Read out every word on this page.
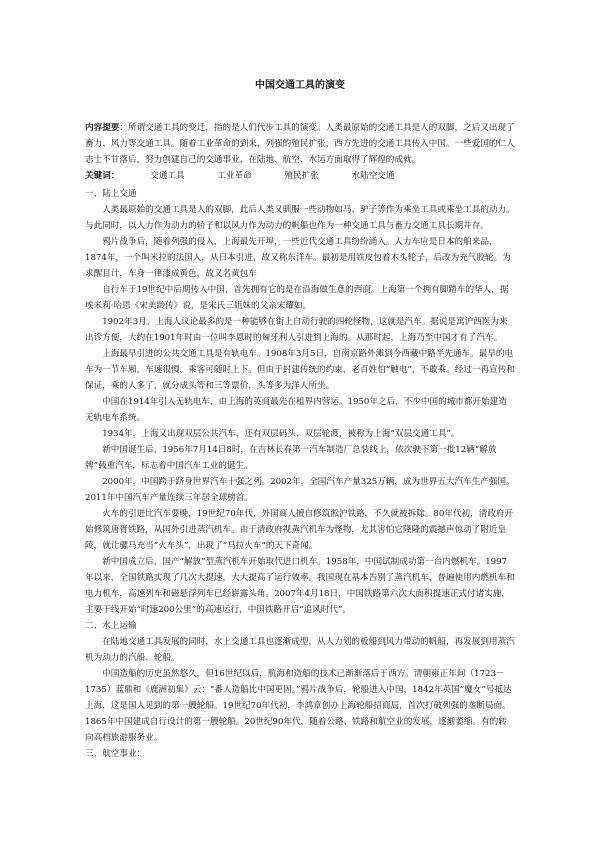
中国交通工具的演变

内容提要：所谓交通工具的变迁，指的是人们代步工具的演变。人类最原始的交通工具是人的双脚，之后又出现了畜力、风力等交通工具。随着工业革命的到来，列强的殖民扩张，西方先进的交通工具传入中国。一些爱国的仁人志士不甘落后，努力创建自己的交通事业，在陆地、航空、水运方面取得了辉煌的成就。

关键词：	交通工具	工业革命	殖民扩张	水陆空交通

一、陆上交通

人类最原始的交通工具是人的双脚，此后人类又驯服一些动物如马、驴子等作为乘坐工具或乘坐工具的动力。与此同时，以人力作为动力的轿子和以风力作为动力的帆船也作为一种交通工具与畜力交通工具长期并存。

鸦片战争后，随着列强的侵入，上海最先开埠，一些近代交通工具纷纷涌入。人力车应是日本的舶来品，1874年，一个叫米拉的法国人，从日本引进，故又称东洋车。最初是用铁皮包着木头轮子，后改为充气胶轮。为求醒目计，车身一律漆成黄色，故又名黄包车

自行车于19世纪中后期传入中国，首先拥有它的是在沿海做生意的西商。上海第一个拥有脚踏车的华人，据埃米莉·哈恩《宋美龄传》说，是宋氏三姐妹的父亲宋耀如。

1902年3月，上海人议论最多的是一种能够在街上自动行驶的四轮怪物，这就是汽车。据说是寓沪西医为来出诊方便，大约在1901年时由一位叫李恩时的匈牙利人引进到上海的。从那时起，上海乃至中国才有了汽车。

上海最早引进的公共交通工具是有轨电车。1908年3月5日，自南京路外滩到今西藏中路半先通车。最早的电车为一节车厢，车速很慢，乘客可随时上下。但由于封建传统的约束，老百姓怕“触电”，不敢乘。经过一再宣传和保证，乘的人多了，就分成头等和三等票价，头等多为洋人所坐。

中国在1914年引入无轨电车，由上海的英商最先在租界内营运。1950年之后，不少中国的城市都开始建造无轨电车系统。

1934年，上海又出现双层公共汽车，还有双层码头、双层轮渡，被称为上海“双层交通工具”。

新中国诞生后，1956年7月14日8时，在吉林长春第一汽车制造厂总装线上，依次驶下第一批12辆“解放牌”载重汽车，标志着中国汽车工业的诞生。

2000年，中国跨于跻身世界汽车十强之列。2002年，全国汽车产量325万辆，成为世界五大汽车生产强国。2011年中国汽车产量连续三年居全球榜首。

火车的引进比汽车要晚，19世纪70年代，外国商人擅自修筑淞沪铁路，不久就被拆除。80年代初，清政府开始修筑唐胥铁路，从国外引进蒸汽机车。由于清政府视蒸汽机车为怪物，尤其害怕它隆隆的震撼声惊动了附近皇陵，就让骡马充当“火车头”，出现了“马拉火车”的天下奇闻。

新中国成立后，国产“解放”型蒸汽机车开始取代进口机车。1958年，中国试制成功第一台内燃机车。1997年以来，全国铁路实现了几次大提速，大大提高了运行效率。我国现在基本告别了蒸汽机车，普遍使用内燃机车和电力机车，高速列车和磁悬浮列车已经崭露头角。2007年4月18日，中国铁路第六次大面积提速正式付诸实施，主要干线开始“时速200公里”的高速运行，中国铁路开启“追风时代”。

二、水上运输

在陆地交通工具发展的同时，水上交通工具也逐渐成型，从人力划的板船到风力带动的帆船，再发展到用蒸汽机为动力的汽船、轮船。

中国造船的历史虽然悠久，但16世纪以后，航海和造船的技术已渐渐落后于西方。清朝雍正年间（1723－1735）蓝鼎和《鹿洲初集》云：“番人造船比中国更固。”鸦片战争后，轮船进入中国，1842年英国“魔女”号抵达上海，这是国人见到的第一艘轮船。19世纪70年代初，李鸿章创办上海轮船招商局，首次打破列强的垄断局面。1865年中国建成自行设计的第一艘轮船。20世纪90年代，随着公路、铁路和航空业的发展，逐渐萎缩。有的转向高档旅游服务业。

三、航空事业：
